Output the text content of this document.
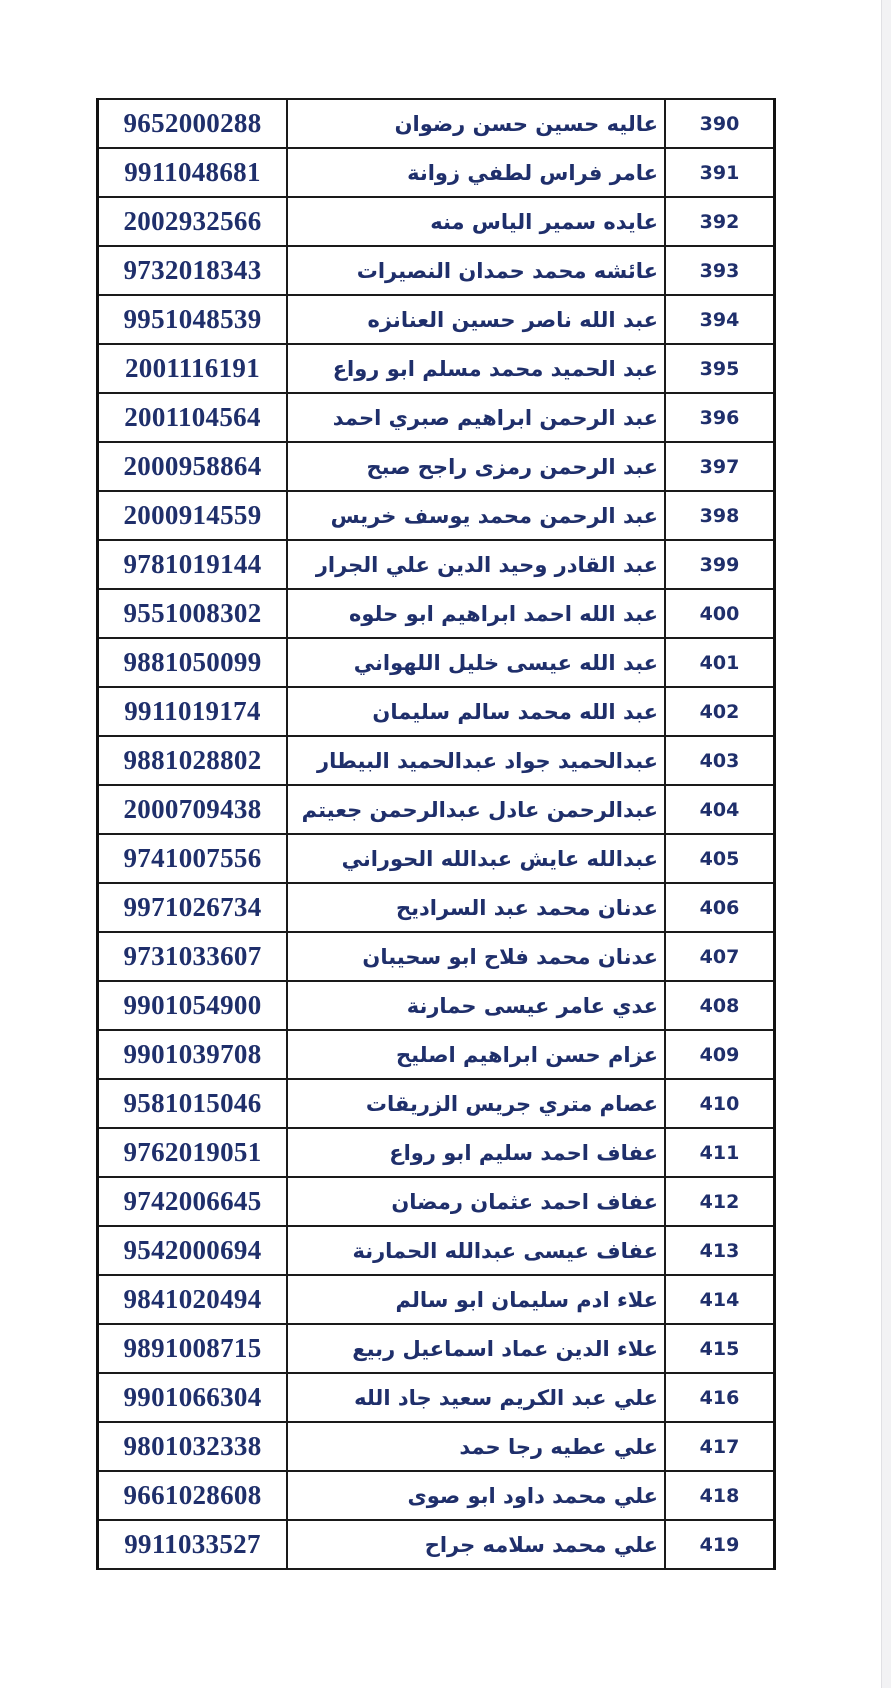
9652000288	عاليه حسين حسن رضوان	390
9911048681	عامر فراس لطفي زوانة	391
2002932566	عايده سمير الياس منه	392
9732018343	عائشه محمد حمدان النصيرات	393
9951048539	عبد الله ناصر حسين العنانزه	394
2001116191	عبد الحميد محمد مسلم ابو رواع	395
2001104564	عبد الرحمن ابراهيم صبري احمد	396
2000958864	عبد الرحمن رمزى راجح صبح	397
2000914559	عبد الرحمن محمد يوسف خريس	398
9781019144	عبد القادر وحيد الدين علي الجرار	399
9551008302	عبد الله احمد ابراهيم ابو حلوه	400
9881050099	عبد الله عيسى خليل اللهواني	401
9911019174	عبد الله محمد سالم سليمان	402
9881028802	عبدالحميد جواد عبدالحميد البيطار	403
2000709438	عبدالرحمن عادل عبدالرحمن جعيتم	404
9741007556	عبدالله عايش عبدالله الحوراني	405
9971026734	عدنان محمد عبد السراديح	406
9731033607	عدنان محمد فلاح ابو سحيبان	407
9901054900	عدي عامر عيسى حمارنة	408
9901039708	عزام حسن ابراهيم اصليح	409
9581015046	عصام متري جريس الزريقات	410
9762019051	عفاف احمد سليم ابو رواع	411
9742006645	عفاف احمد عثمان رمضان	412
9542000694	عفاف عيسى عبدالله الحمارنة	413
9841020494	علاء ادم سليمان ابو سالم	414
9891008715	علاء الدين عماد اسماعيل ربيع	415
9901066304	علي عبد الكريم سعيد جاد الله	416
9801032338	علي عطيه رجا حمد	417
9661028608	علي محمد داود ابو صوى	418
9911033527	علي محمد سلامه جراح	419
